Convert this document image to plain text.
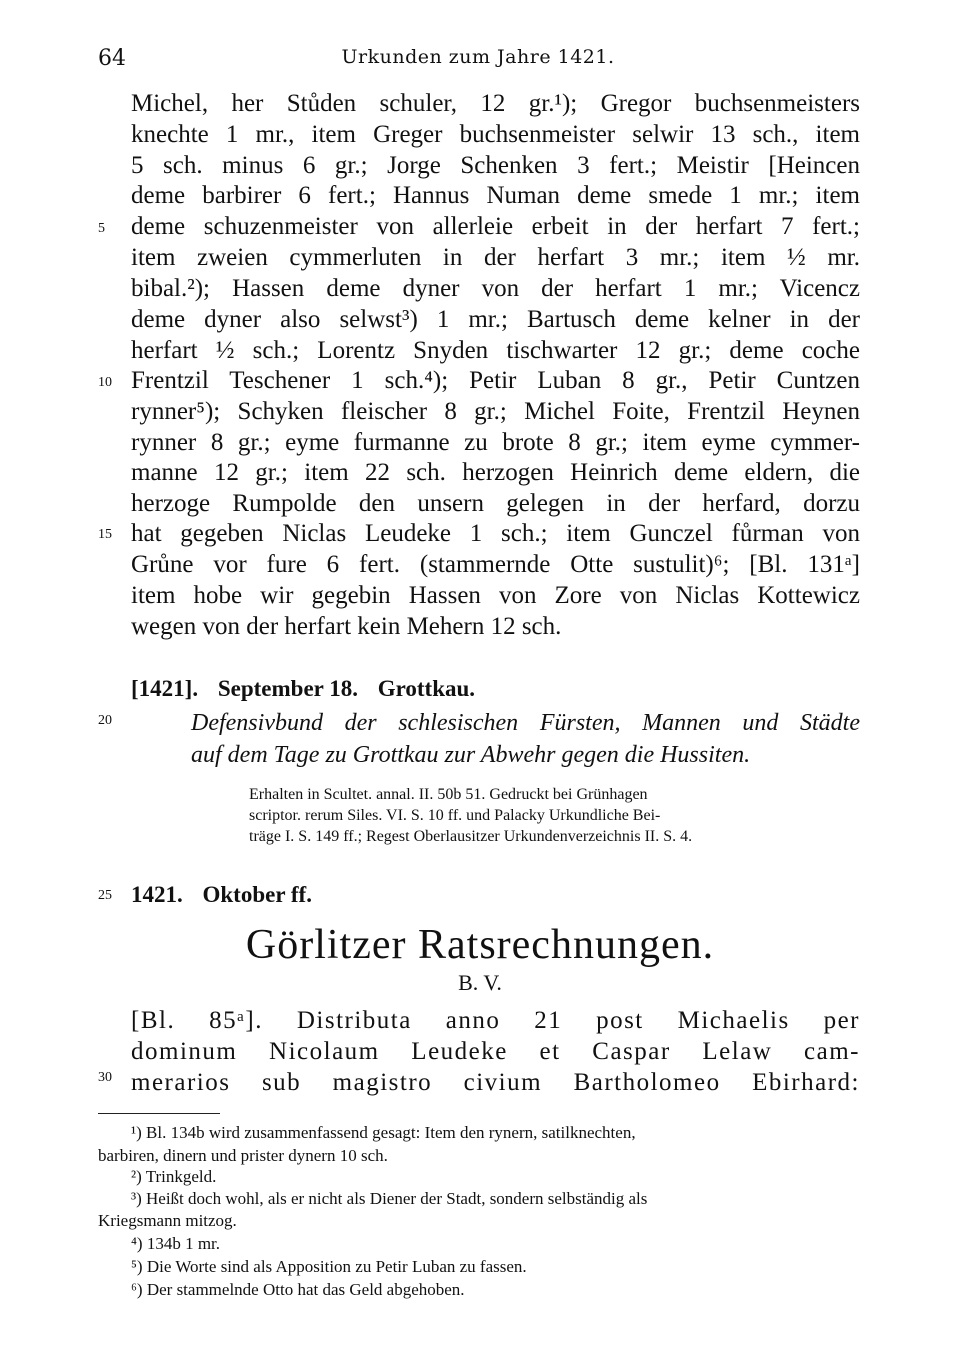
64	Urkunden zum Jahre 1421.
Michel, her Stůden schuler, 12 gr.¹); Gregor buchsenmeisters
knechte 1 mr., item Greger buchsenmeister selwir 13 sch., item
5 sch. minus 6 gr.; Jorge Schenken 3 fert.; Meistir [Heincen
deme barbirer 6 fert.; Hannus Numan deme smede 1 mr.; item
deme schuzenmeister von allerleie erbeit in der herfart 7 fert.;
item zweien cymmerluten in der herfart 3 mr.; item ½ mr.
bibal.²); Hassen deme dyner von der herfart 1 mr.; Vicencz
deme dyner also selwst³) 1 mr.; Bartusch deme kelner in der
herfart ½ sch.; Lorentz Snyden tischwarter 12 gr.; deme coche
Frentzil Teschener 1 sch.⁴); Petir Luban 8 gr., Petir Cuntzen
rynner⁵); Schyken fleischer 8 gr.; Michel Foite, Frentzil Heynen
rynner 8 gr.; eyme furmanne zu brote 8 gr.; item eyme cymmer-
manne 12 gr.; item 22 sch. herzogen Heinrich deme eldern, die
herzoge Rumpolde den unsern gelegen in der herfard, dorzu
hat gegeben Niclas Leudeke 1 sch.; item Gunczel fůrman von
Grůne vor fure 6 fert. (stammernde Otte sustulit)⁶; [Bl. 131ᵃ]
item hobe wir gegebin Hassen von Zore von Niclas Kottewicz
wegen von der herfart kein Mehern 12 sch.
5
10
15
20
25
30
[1421]. September 18. Grottkau.
Defensivbund der schlesischen Fürsten, Mannen und Städte
auf dem Tage zu Grottkau zur Abwehr gegen die Hussiten.
Erhalten in Scultet. annal. II. 50b 51. Gedruckt bei Grünhagen
scriptor. rerum Siles. VI. S. 10 ff. und Palacky Urkundliche Bei-
träge I. S. 149 ff.; Regest Oberlausitzer Urkundenverzeichnis II. S. 4.
1421. Oktober ff.
Görlitzer Ratsrechnungen.
B. V.
[Bl. 85ᵃ]. Distributa anno 21 post Michaelis per
dominum Nicolaum Leudeke et Caspar Lelaw cam-
merarios sub magistro civium Bartholomeo Ebirhard:
¹) Bl. 134b wird zusammenfassend gesagt: Item den rynern, satilknechten,
barbiren, dinern und prister dynern 10 sch.
²) Trinkgeld.
³) Heißt doch wohl, als er nicht als Diener der Stadt, sondern selbständig als
Kriegsmann mitzog.
⁴) 134b 1 mr.
⁵) Die Worte sind als Apposition zu Petir Luban zu fassen.
⁶) Der stammelnde Otto hat das Geld abgehoben.
